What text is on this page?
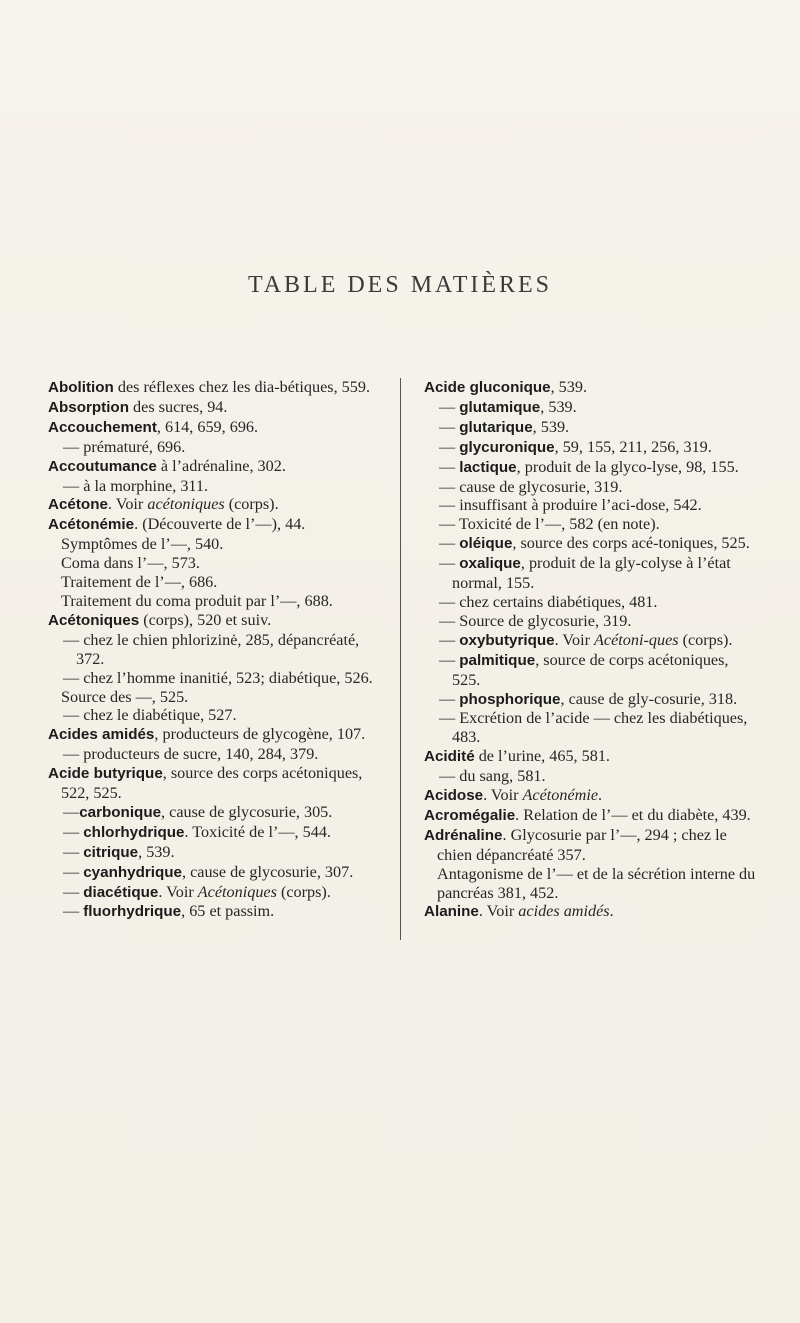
TABLE DES MATIÈRES

Abolition des réflexes chez les dia-bétiques, 559.

Absorption des sucres, 94.

Accouchement, 614, 659, 696.

— prématuré, 696.

Accoutumance à l’adrénaline, 302.

— à la morphine, 311.

Acétone. Voir acétoniques (corps).

Acétonémie. (Découverte de l’—), 44.

Symptômes de l’—, 540.

Coma dans l’—, 573.

Traitement de l’—, 686.

Traitement du coma produit par l’—, 688.

Acétoniques (corps), 520 et suiv.

— chez le chien phlorizinė, 285, dépancréaté, 372.

— chez l’homme inanitié, 523; diabétique, 526.

Source des —, 525.

— chez le diabétique, 527.

Acides amidés, producteurs de glycogène, 107.

— producteurs de sucre, 140, 284, 379.

Acide butyrique, source des corps acétoniques, 522, 525.

—carbonique, cause de glycosurie, 305.

— chlorhydrique. Toxicité de l’—, 544.

— citrique, 539.

— cyanhydrique, cause de glycosurie, 307.

— diacétique. Voir Acétoniques (corps).

— fluorhydrique, 65 et passim.

Acide gluconique, 539.

— glutamique, 539.

— glutarique, 539.

— glycuronique, 59, 155, 211, 256, 319.

— lactique, produit de la glyco-lyse, 98, 155.

— cause de glycosurie, 319.

— insuffisant à produire l’aci-dose, 542.

— Toxicité de l’—, 582 (en note).

— oléique, source des corps acé-toniques, 525.

— oxalique, produit de la gly-colyse à l’état normal, 155.

— chez certains diabétiques, 481.

— Source de glycosurie, 319.

— oxybutyrique. Voir Acétoni-ques (corps).

— palmitique, source de corps acétoniques, 525.

— phosphorique, cause de gly-cosurie, 318.

— Excrétion de l’acide — chez les diabétiques, 483.

Acidité de l’urine, 465, 581.

— du sang, 581.

Acidose. Voir Acétonémie.

Acromégalie. Relation de l’— et du diabète, 439.

Adrénaline. Glycosurie par l’—, 294 ; chez le chien dépancréaté 357.

Antagonisme de l’— et de la sécrétion interne du pancréas 381, 452.

Alanine. Voir acides amidés.
